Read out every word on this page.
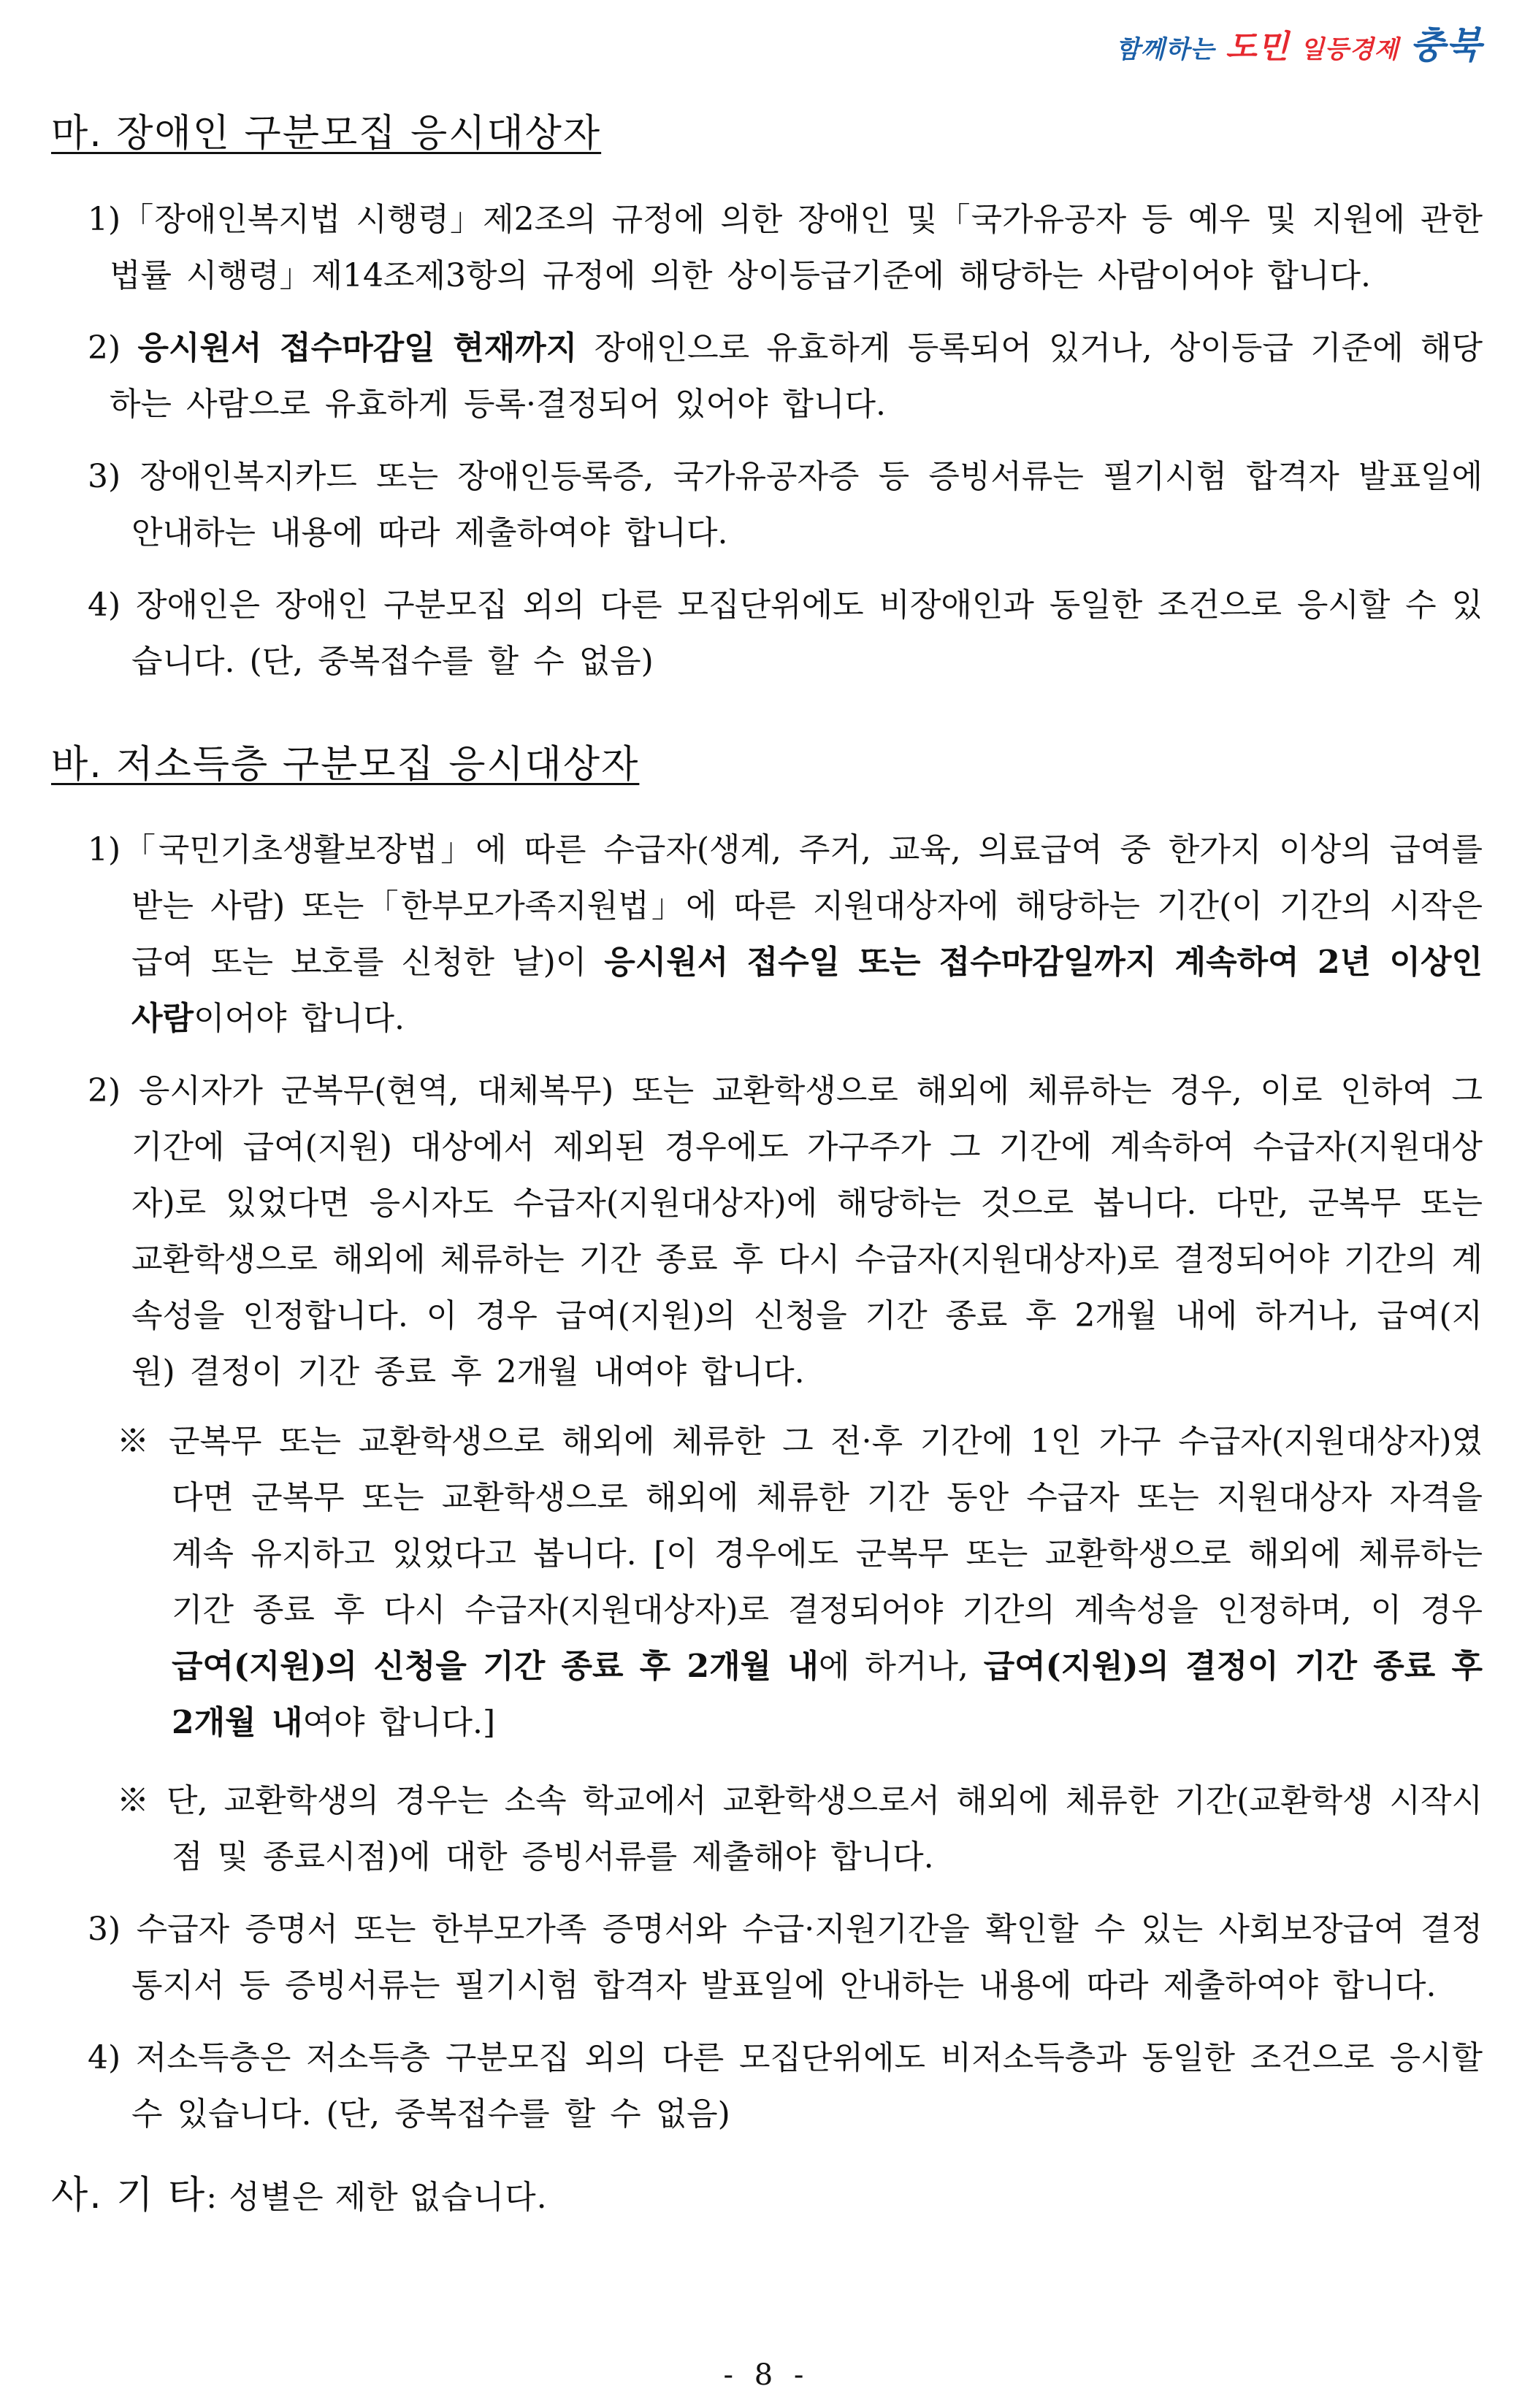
함께하는 도민 일등경제 충북
마. 장애인 구분모집 응시대상자

1)「장애인복지법 시행령」제2조의 규정에 의한 장애인 및「국가유공자 등 예우 및 지원에 관한 법률 시행령」제14조제3항의 규정에 의한 상이등급기준에 해당하는 사람이어야 합니다.

2) 응시원서 접수마감일 현재까지 장애인으로 유효하게 등록되어 있거나, 상이등급 기준에 해당하는 사람으로 유효하게 등록·결정되어 있어야 합니다.

3) 장애인복지카드 또는 장애인등록증, 국가유공자증 등 증빙서류는 필기시험 합격자 발표일에 안내하는 내용에 따라 제출하여야 합니다.

4) 장애인은 장애인 구분모집 외의 다른 모집단위에도 비장애인과 동일한 조건으로 응시할 수 있습니다. (단, 중복접수를 할 수 없음)

바. 저소득층 구분모집 응시대상자

1)「국민기초생활보장법」에 따른 수급자(생계, 주거, 교육, 의료급여 중 한가지 이상의 급여를 받는 사람) 또는「한부모가족지원법」에 따른 지원대상자에 해당하는 기간(이 기간의 시작은 급여 또는 보호를 신청한 날)이 응시원서 접수일 또는 접수마감일까지 계속하여 2년 이상인 사람이어야 합니다.

2) 응시자가 군복무(현역, 대체복무) 또는 교환학생으로 해외에 체류하는 경우, 이로 인하여 그 기간에 급여(지원) 대상에서 제외된 경우에도 가구주가 그 기간에 계속하여 수급자(지원대상자)로 있었다면 응시자도 수급자(지원대상자)에 해당하는 것으로 봅니다. 다만, 군복무 또는 교환학생으로 해외에 체류하는 기간 종료 후 다시 수급자(지원대상자)로 결정되어야 기간의 계속성을 인정합니다. 이 경우 급여(지원)의 신청을 기간 종료 후 2개월 내에 하거나, 급여(지원) 결정이 기간 종료 후 2개월 내여야 합니다.

※ 군복무 또는 교환학생으로 해외에 체류한 그 전·후 기간에 1인 가구 수급자(지원대상자)였다면 군복무 또는 교환학생으로 해외에 체류한 기간 동안 수급자 또는 지원대상자 자격을 계속 유지하고 있었다고 봅니다. [이 경우에도 군복무 또는 교환학생으로 해외에 체류하는 기간 종료 후 다시 수급자(지원대상자)로 결정되어야 기간의 계속성을 인정하며, 이 경우 급여(지원)의 신청을 기간 종료 후 2개월 내에 하거나, 급여(지원)의 결정이 기간 종료 후 2개월 내여야 합니다.]

※ 단, 교환학생의 경우는 소속 학교에서 교환학생으로서 해외에 체류한 기간(교환학생 시작시점 및 종료시점)에 대한 증빙서류를 제출해야 합니다.

3) 수급자 증명서 또는 한부모가족 증명서와 수급·지원기간을 확인할 수 있는 사회보장급여 결정통지서 등 증빙서류는 필기시험 합격자 발표일에 안내하는 내용에 따라 제출하여야 합니다.

4) 저소득층은 저소득층 구분모집 외의 다른 모집단위에도 비저소득층과 동일한 조건으로 응시할 수 있습니다. (단, 중복접수를 할 수 없음)

사. 기 타: 성별은 제한 없습니다.
- 8 -
